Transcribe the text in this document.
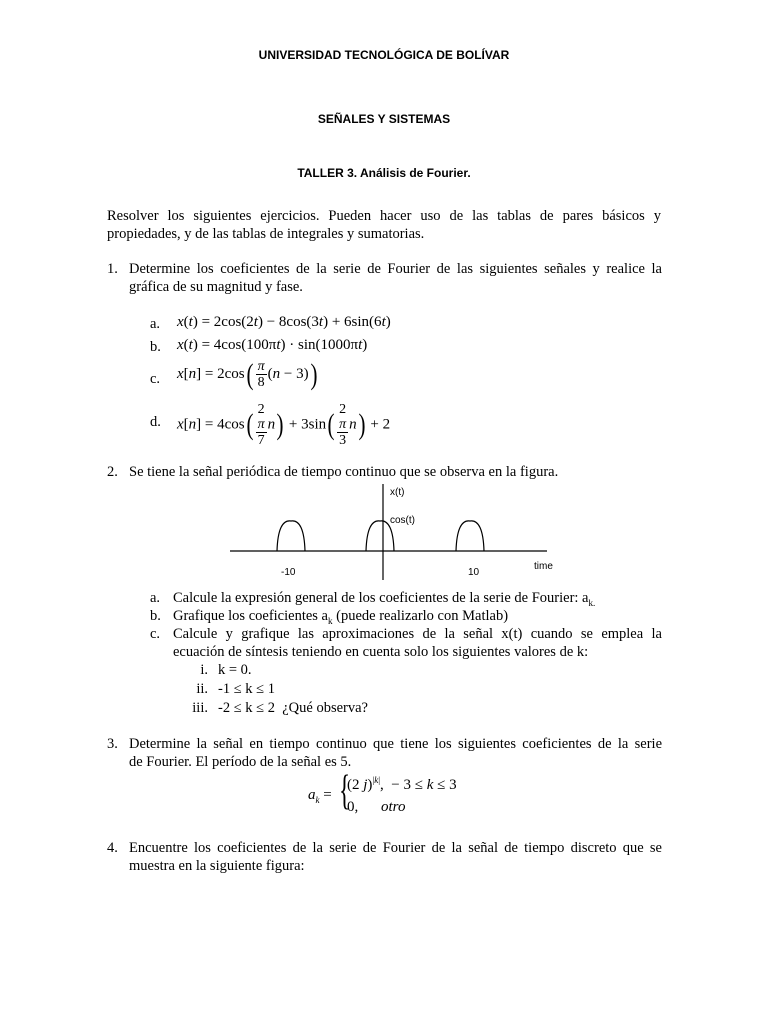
UNIVERSIDAD TECNOLÓGICA DE BOLÍVAR
SEÑALES Y SISTEMAS
TALLER 3. Análisis de Fourier.
Resolver los siguientes ejercicios. Pueden hacer uso de las tablas de pares básicos y propiedades, y de las tablas de integrales y sumatorias.
1. Determine los coeficientes de la serie de Fourier de las siguientes señales y realice la
gráfica de su magnitud y fase.
a. x(t) = 2cos(2t) − 8cos(3t) + 6sin(6t)
b. x(t) = 4cos(100πt) · sin(1000πt)
c. $x[n] = 2\cos( \frac{\pi}{8} (n - 3))$
d. x[n] = 4cos( 2
π
7 n) + 3sin( 2
π
3 n) + 2
2. Se tiene la señal periódica de tiempo continuo que se observa en la figura.
x(t)
cos(t)
-10	10
time
a. Calcule la expresión general de los coeficientes de la serie de Fourier: $a_{k.}$
b. Grafique los coeficientes $a_k$ (puede realizarlo con Matlab)
c. Calcule y grafique las aproximaciones de la señal x(t) cuando se emplea la
ecuación de síntesis teniendo en cuenta solo los siguientes valores de k:
i. k = 0.
ii. -1 ≤ k ≤ 1
iii. -2 ≤ k ≤ 2  ¿Qué observa?
3. Determine la señal en tiempo continuo que tiene los siguientes coeficientes de la serie
de Fourier. El período de la señal es 5.
$a_k$ = {
(2 j)$^{|k|}$,  − 3 ≤ k ≤ 3
0, otro
4. Encuentre los coeficientes de la serie de Fourier de la señal de tiempo discreto que se
muestra en la siguiente figura:
